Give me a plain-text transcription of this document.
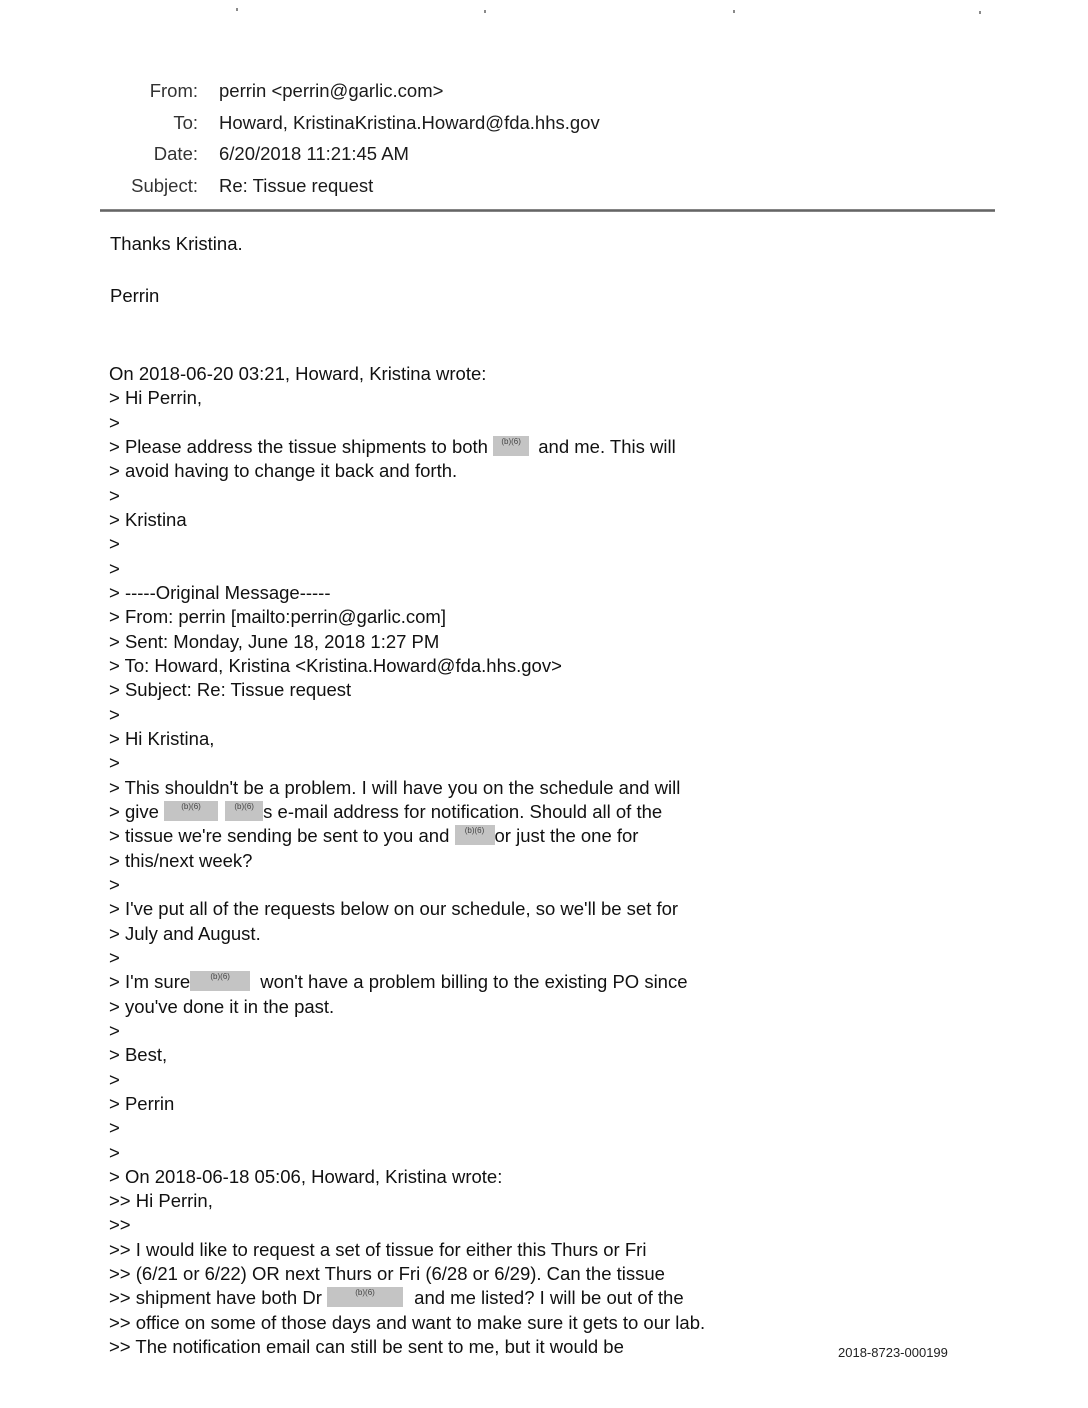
From: perrin <perrin@garlic.com>
To: Howard, KristinaKristina.Howard@fda.hhs.gov
Date: 6/20/2018 11:21:45 AM
Subject: Re: Tissue request
Thanks Kristina.
Perrin
On 2018-06-20 03:21, Howard, Kristina wrote:
> Hi Perrin,
>
> Please address the tissue shipments to both	(b)(6) and me. This will
> avoid having to change it back and forth.
>
> Kristina
>
>
> -----Original Message-----
> From: perrin [mailto:perrin@garlic.com]
> Sent: Monday, June 18, 2018 1:27 PM
> To: Howard, Kristina <Kristina.Howard@fda.hhs.gov>
> Subject: Re: Tissue request
>
> Hi Kristina,
>
> This shouldn't be a problem. I will have you on the schedule and will
> give	(b)(6)
	(b)(6) s e-mail address for notification. Should all of the
> tissue we're sending be sent to you and	(b)(6) or just the one for
> this/next week?
>
> I've put all of the requests below on our schedule, so we'll be set for
> July and August.
>
> I'm sure	(b)(6)	won't have a problem billing to the existing PO since
> you've done it in the past.
>
> Best,
>
> Perrin
>
>
> On 2018-06-18 05:06, Howard, Kristina wrote:
>> Hi Perrin,
>>
>> I would like to request a set of tissue for either this Thurs or Fri
>> (6/21 or 6/22) OR next Thurs or Fri (6/28 or 6/29). Can the tissue
>> shipment have both Dr	(b)(6)	and me listed? I will be out of the
>> office on some of those days and want to make sure it gets to our lab.
>> The notification email can still be sent to me, but it would be	2018-8723-000199
